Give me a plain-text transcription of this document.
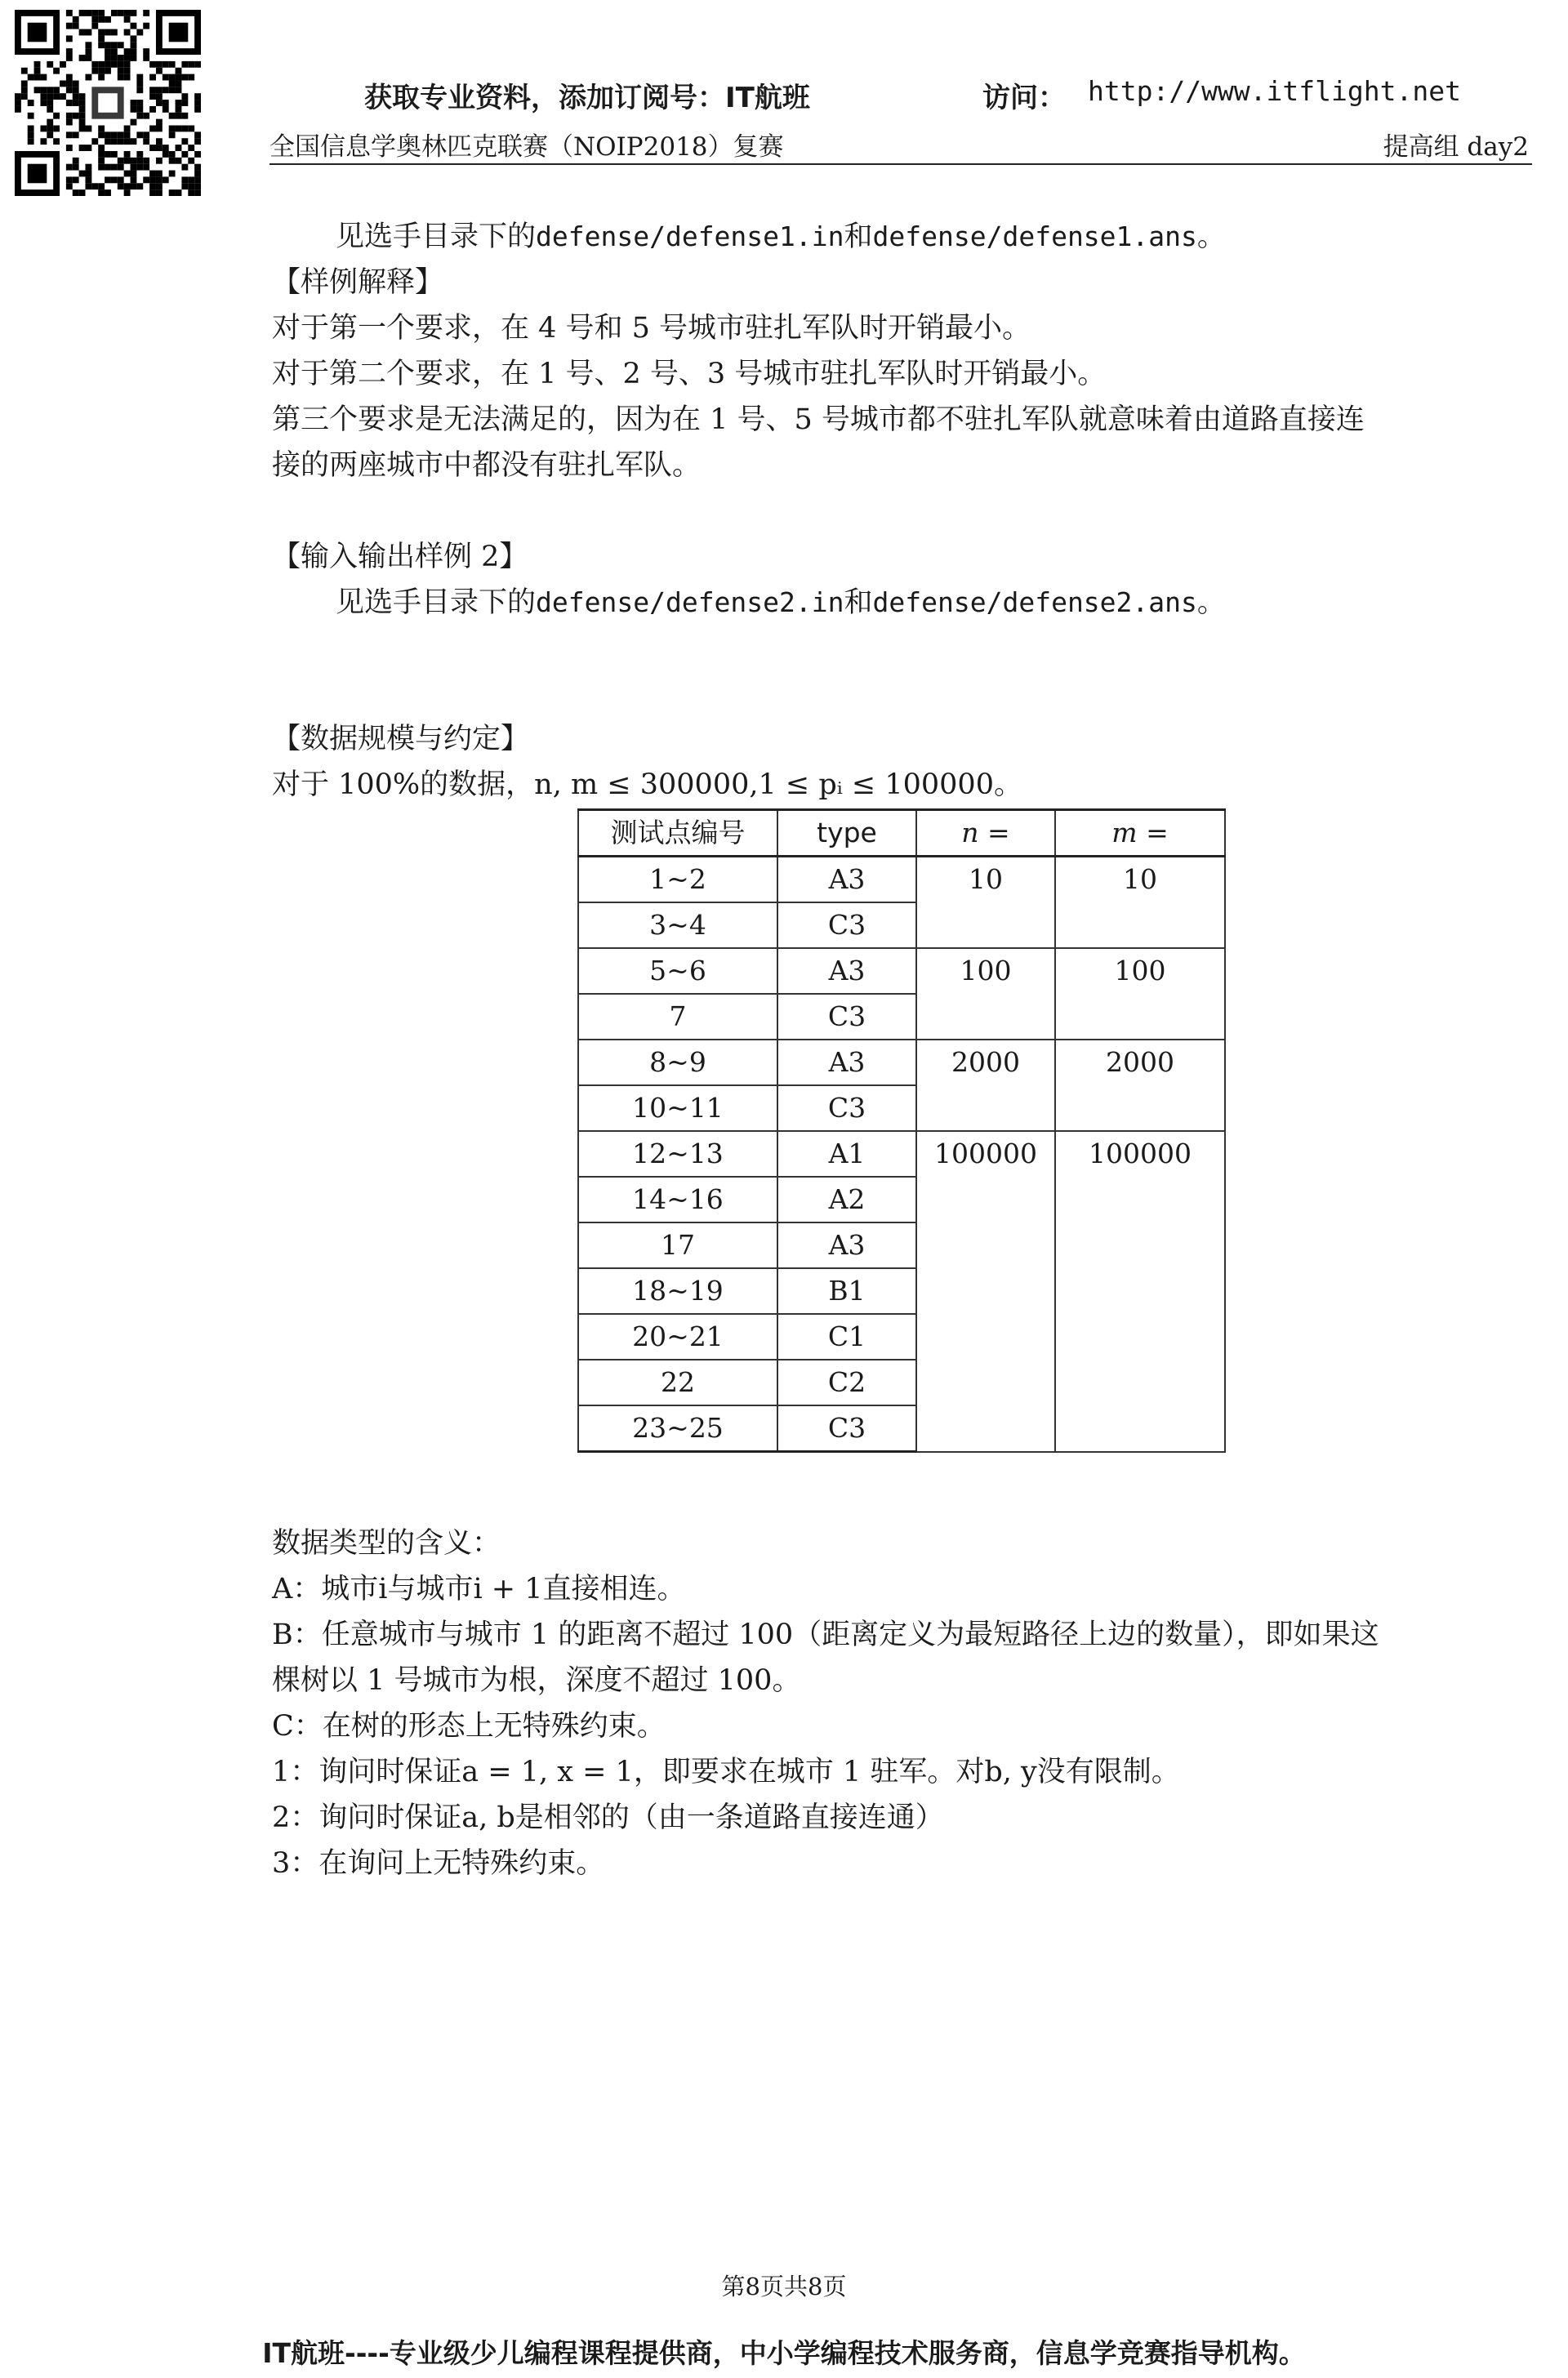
获取专业资料，添加订阅号：IT航班	访问： http://www.itflight.net
全国信息学奥林匹克联赛（NOIP2018）复赛	提高组 day2
见选手目录下的defense/defense1.in和defense/defense1.ans。
【样例解释】
对于第一个要求，在 4 号和 5 号城市驻扎军队时开销最小。
对于第二个要求，在 1 号、2 号、3 号城市驻扎军队时开销最小。
第三个要求是无法满足的，因为在 1 号、5 号城市都不驻扎军队就意味着由道路直接连
接的两座城市中都没有驻扎军队。
【输入输出样例 2】
见选手目录下的defense/defense2.in和defense/defense2.ans。
【数据规模与约定】
对于 100%的数据，n, m ≤ 300000,1 ≤ pᵢ ≤ 100000。
测试点编号	type	n =	m =
1~2	A3	10	10
3~4	C3		
5~6	A3	100	100
7	C3		
8~9	A3	2000	2000
10~11	C3		
12~13	A1	100000	100000
14~16	A2		
17	A3		
18~19	B1		
20~21	C1		
22	C2		
23~25	C3		
数据类型的含义：
A：城市i与城市i + 1直接相连。
B：任意城市与城市 1 的距离不超过 100（距离定义为最短路径上边的数量），即如果这
棵树以 1 号城市为根，深度不超过 100。
C：在树的形态上无特殊约束。
1：询问时保证a = 1, x = 1，即要求在城市 1 驻军。对b, y没有限制。
2：询问时保证a, b是相邻的（由一条道路直接连通）
3：在询问上无特殊约束。
第8页共8页
IT航班----专业级少儿编程课程提供商，中小学编程技术服务商，信息学竞赛指导机构。
